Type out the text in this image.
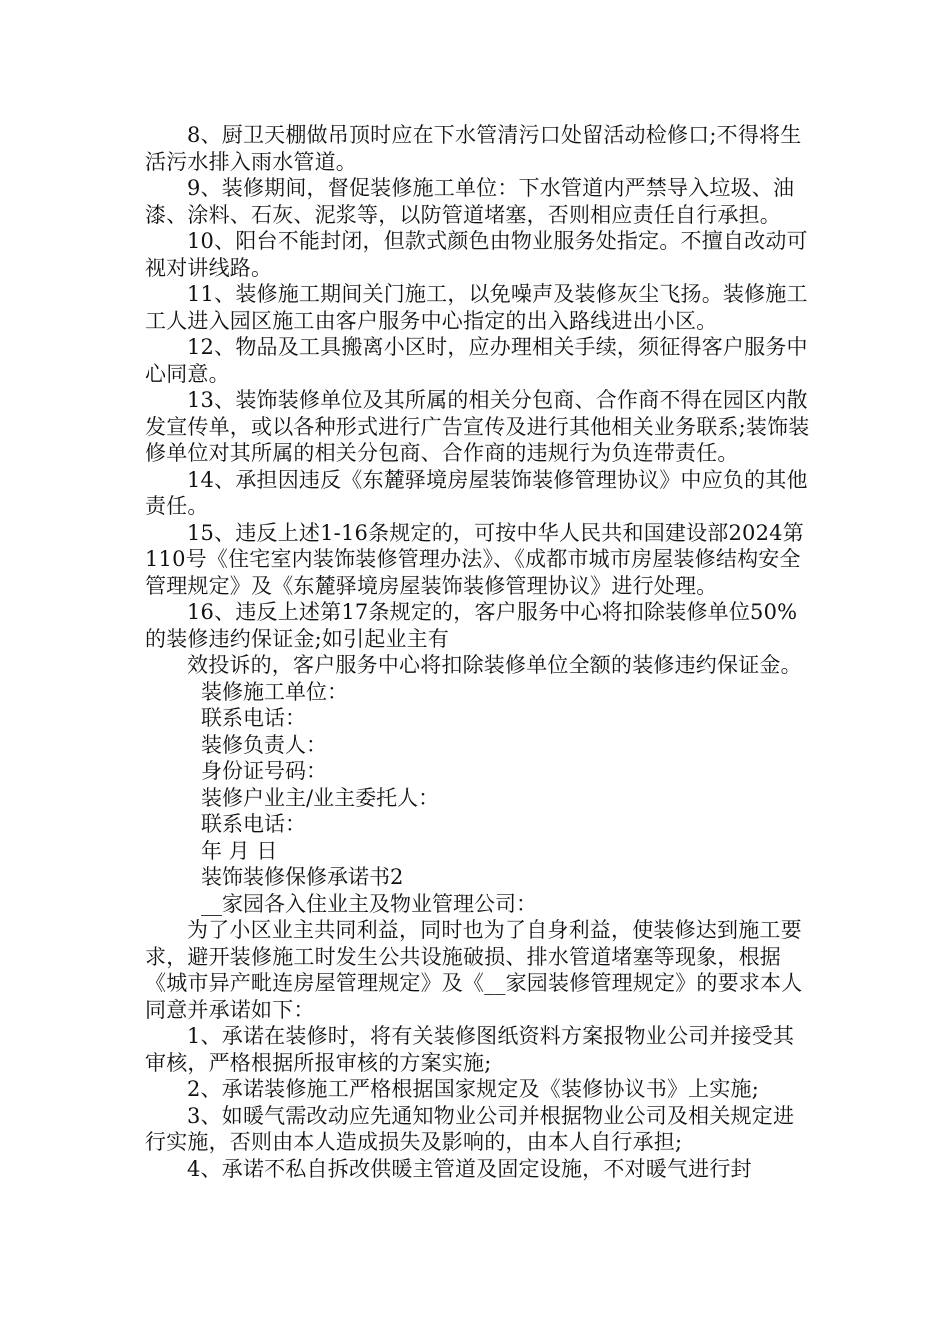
8、厨卫天棚做吊顶时应在下水管清污口处留活动检修口;不得将生活污水排入雨水管道。

9、装修期间，督促装修施工单位：下水管道内严禁导入垃圾、油漆、涂料、石灰、泥浆等，以防管道堵塞，否则相应责任自行承担。

10、阳台不能封闭，但款式颜色由物业服务处指定。不擅自改动可视对讲线路。

11、装修施工期间关门施工，以免噪声及装修灰尘飞扬。装修施工工人进入园区施工由客户服务中心指定的出入路线进出小区。

12、物品及工具搬离小区时，应办理相关手续，须征得客户服务中心同意。

13、装饰装修单位及其所属的相关分包商、合作商不得在园区内散发宣传单，或以各种形式进行广告宣传及进行其他相关业务联系;装饰装修单位对其所属的相关分包商、合作商的违规行为负连带责任。

14、承担因违反《东麓驿境房屋装饰装修管理协议》中应负的其他责任。

15、违反上述1-16条规定的，可按中华人民共和国建设部2024第110号《住宅室内装饰装修管理办法》、《成都市城市房屋装修结构安全管理规定》及《东麓驿境房屋装饰装修管理协议》进行处理。

16、违反上述第17条规定的，客户服务中心将扣除装修单位50%的装修违约保证金;如引起业主有

效投诉的，客户服务中心将扣除装修单位全额的装修违约保证金。

装修施工单位：

联系电话：

装修负责人：

身份证号码：

装修户业主/业主委托人：

联系电话：

年 月 日

装饰装修保修承诺书2

__家园各入住业主及物业管理公司：

为了小区业主共同利益，同时也为了自身利益，使装修达到施工要求，避开装修施工时发生公共设施破损、排水管道堵塞等现象，根据《城市异产毗连房屋管理规定》及《__家园装修管理规定》的要求本人同意并承诺如下：

1、承诺在装修时，将有关装修图纸资料方案报物业公司并接受其审核，严格根据所报审核的方案实施;

2、承诺装修施工严格根据国家规定及《装修协议书》上实施;

3、如暖气需改动应先通知物业公司并根据物业公司及相关规定进行实施，否则由本人造成损失及影响的，由本人自行承担;

4、承诺不私自拆改供暖主管道及固定设施，不对暖气进行封
